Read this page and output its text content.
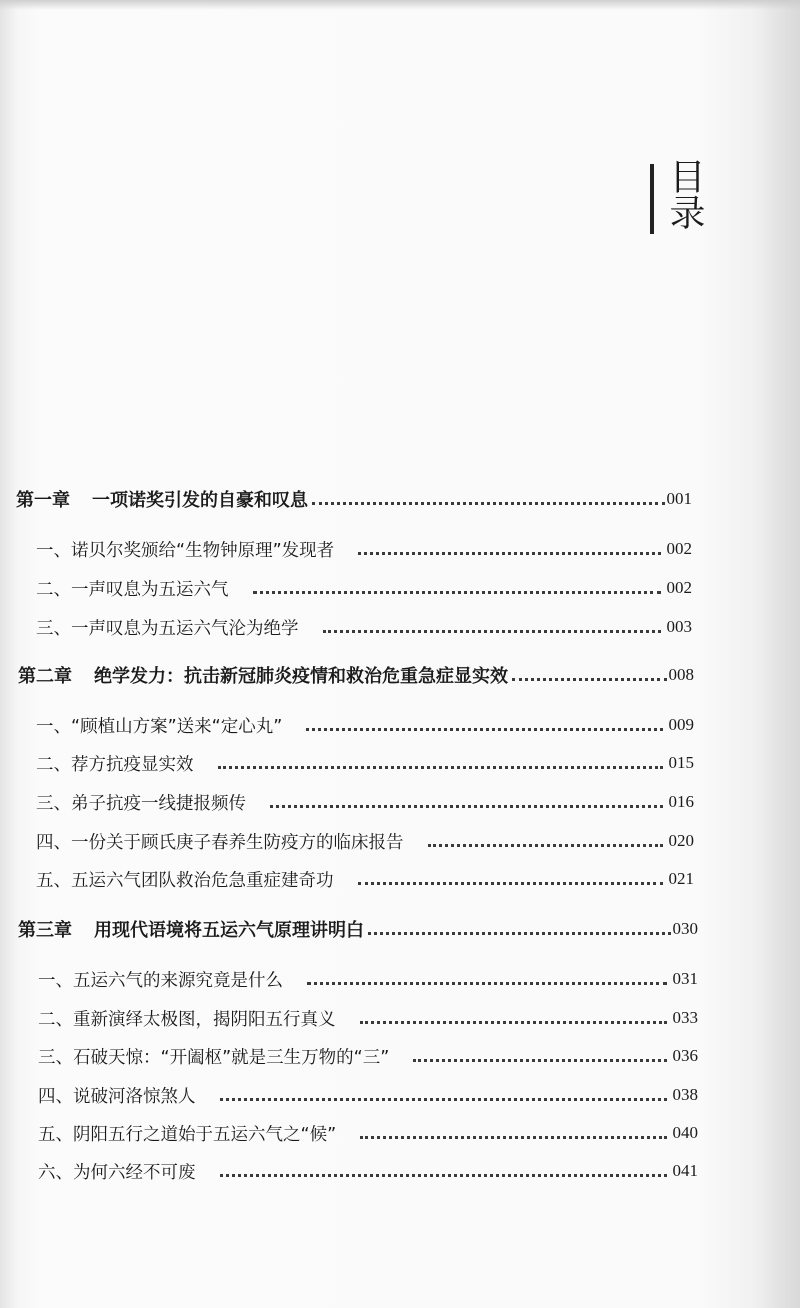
目录
第一章 一项诺奖引发的自豪和叹息	001
一、诺贝尔奖颁给“生物钟原理”发现者	002
二、一声叹息为五运六气	002
三、一声叹息为五运六气沦为绝学	003
第二章 绝学发力：抗击新冠肺炎疫情和救治危重急症显实效	008
一、“顾植山方案”送来“定心丸”	009
二、荐方抗疫显实效	015
三、弟子抗疫一线捷报频传	016
四、一份关于顾氏庚子春养生防疫方的临床报告	020
五、五运六气团队救治危急重症建奇功	021
第三章 用现代语境将五运六气原理讲明白	030
一、五运六气的来源究竟是什么	031
二、重新演绎太极图，揭阴阳五行真义	033
三、石破天惊：“开阖枢”就是三生万物的“三”	036
四、说破河洛惊煞人	038
五、阴阳五行之道始于五运六气之“候”	040
六、为何六经不可废	041
